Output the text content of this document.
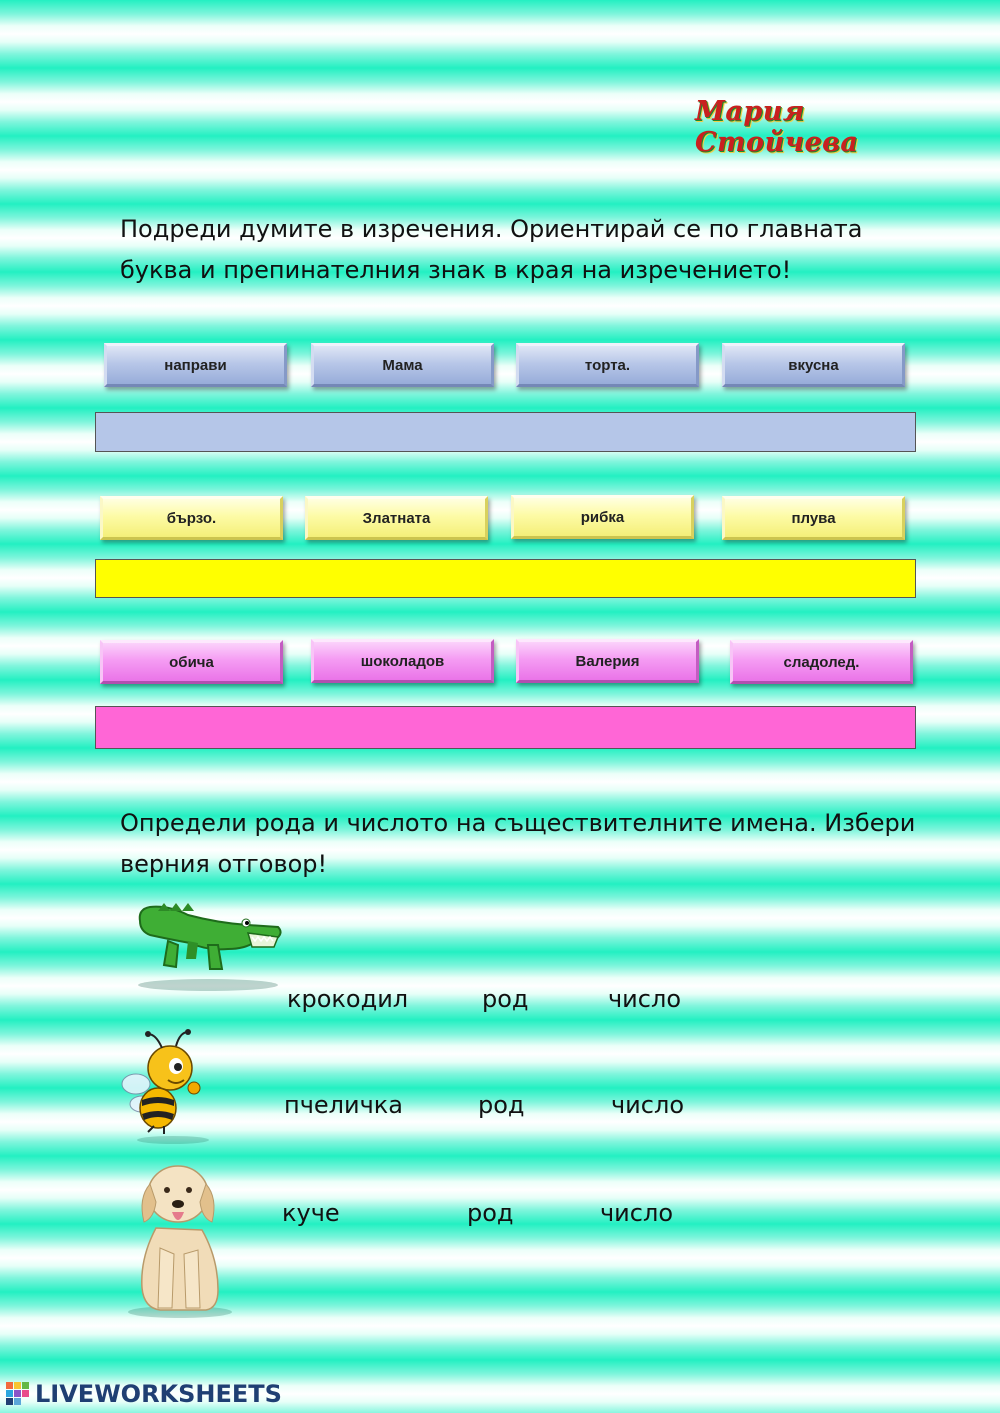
Мария Стойчева
Подреди думите в изречения. Ориентирай се по главната
буква и препинателния знак в края на изречението!
направи	Мама	торта.	вкусна
бързо.	Златната	рибка	плува
обича	шоколадов	Валерия	сладолед.
Определи рода и числото на съществителните имена. Избери
верния отговор!
крокодил	род	число
пчеличка	род	число
куче	род	число
LIVEWORKSHEETS
